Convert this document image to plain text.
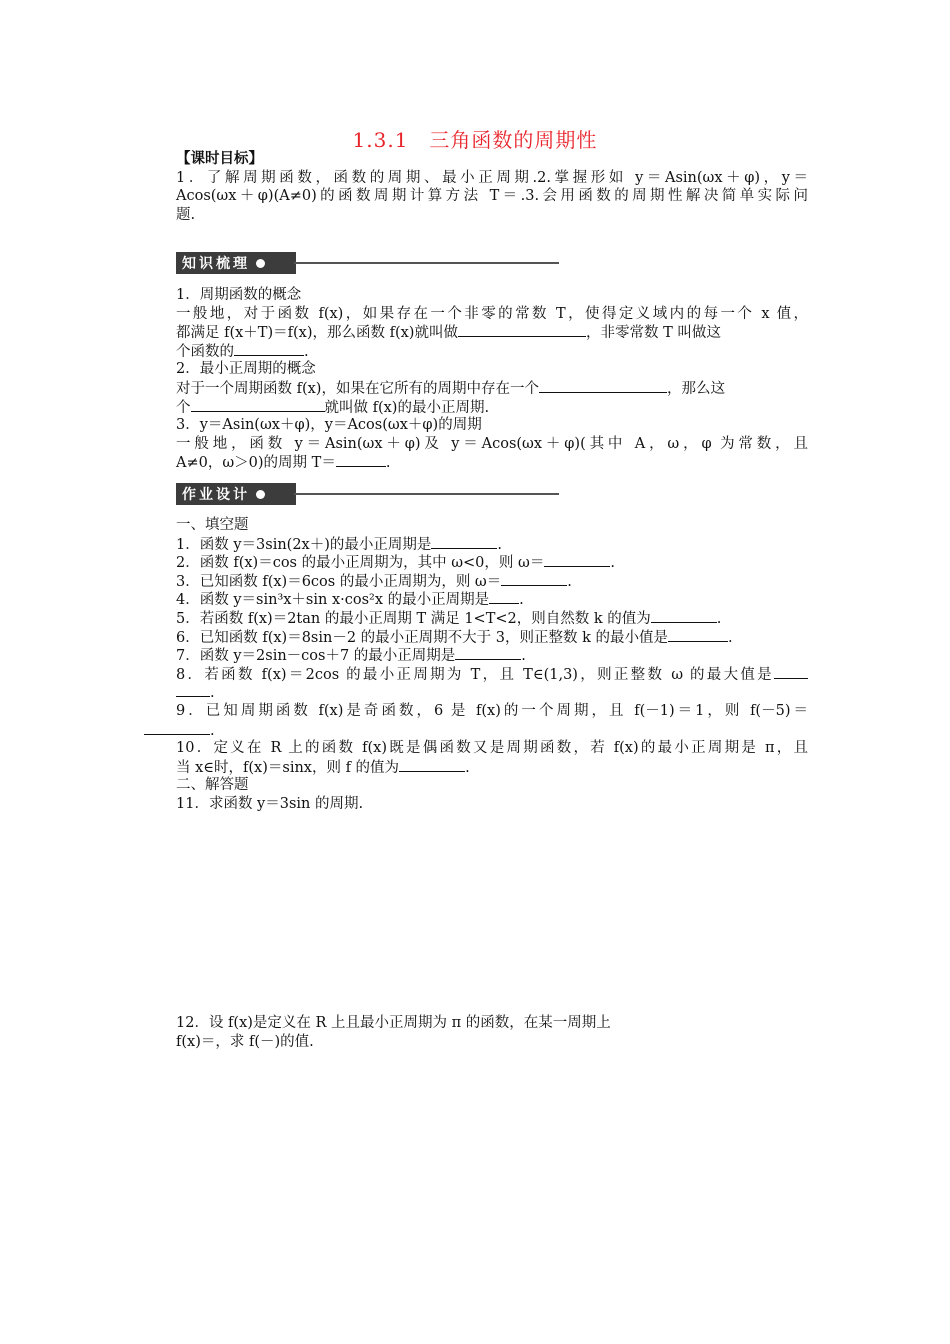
1.3.1　三角函数的周期性
【课时目标】
1．了解周期函数，函数的周期、最小正周期.2.掌握形如 y＝Asin(ωx＋φ)，y＝
Acos(ωx＋φ)(A≠0)的函数周期计算方法 T＝.3.会用函数的周期性解决简单实际问
题.
知识梳理
1．周期函数的概念
一般地，对于函数 f(x)，如果存在一个非零的常数 T，使得定义域内的每一个 x 值，
都满足 f(x＋T)＝f(x)，那么函数 f(x)就叫做	，非零常数 T 叫做这
个函数的	.
2．最小正周期的概念
对于一个周期函数 f(x)，如果在它所有的周期中存在一个	，那么这
个	就叫做 f(x)的最小正周期.
3．y＝Asin(ωx＋φ)，y＝Acos(ωx＋φ)的周期
一般地，函数 y＝Asin(ωx＋φ)及 y＝Acos(ωx＋φ)(其中 A，ω，φ 为常数，且
A≠0，ω＞0)的周期 T＝	.
作业设计
一、填空题
1．函数 y＝3sin(2x＋)的最小正周期是	.
2．函数 f(x)＝cos 的最小正周期为，其中 ω<0，则 ω＝	.
3．已知函数 f(x)＝6cos 的最小正周期为，则 ω＝	.
4．函数 y＝sin³x＋sin x·cos²x 的最小正周期是 .
5．若函数 f(x)＝2tan 的最小正周期 T 满足 1<T<2，则自然数 k 的值为	.
6．已知函数 f(x)＝8sin－2 的最小正周期不大于 3，则正整数 k 的最小值是	.
7．函数 y＝2sin－cos＋7 的最小正周期是	.
8．若函数 f(x)＝2cos 的最小正周期为 T，且 T∈(1,3)，则正整数 ω 的最大值是
.
9．已知周期函数 f(x)是奇函数，6 是 f(x)的一个周期，且 f(－1)＝1，则 f(－5)＝
.
10．定义在 R 上的函数 f(x)既是偶函数又是周期函数，若 f(x)的最小正周期是 π，且
当 x∈时，f(x)＝sinx，则 f 的值为	.
二、解答题
11．求函数 y＝3sin 的周期.
12．设 f(x)是定义在 R 上且最小正周期为 π 的函数，在某一周期上
f(x)＝，求 f(－)的值.
